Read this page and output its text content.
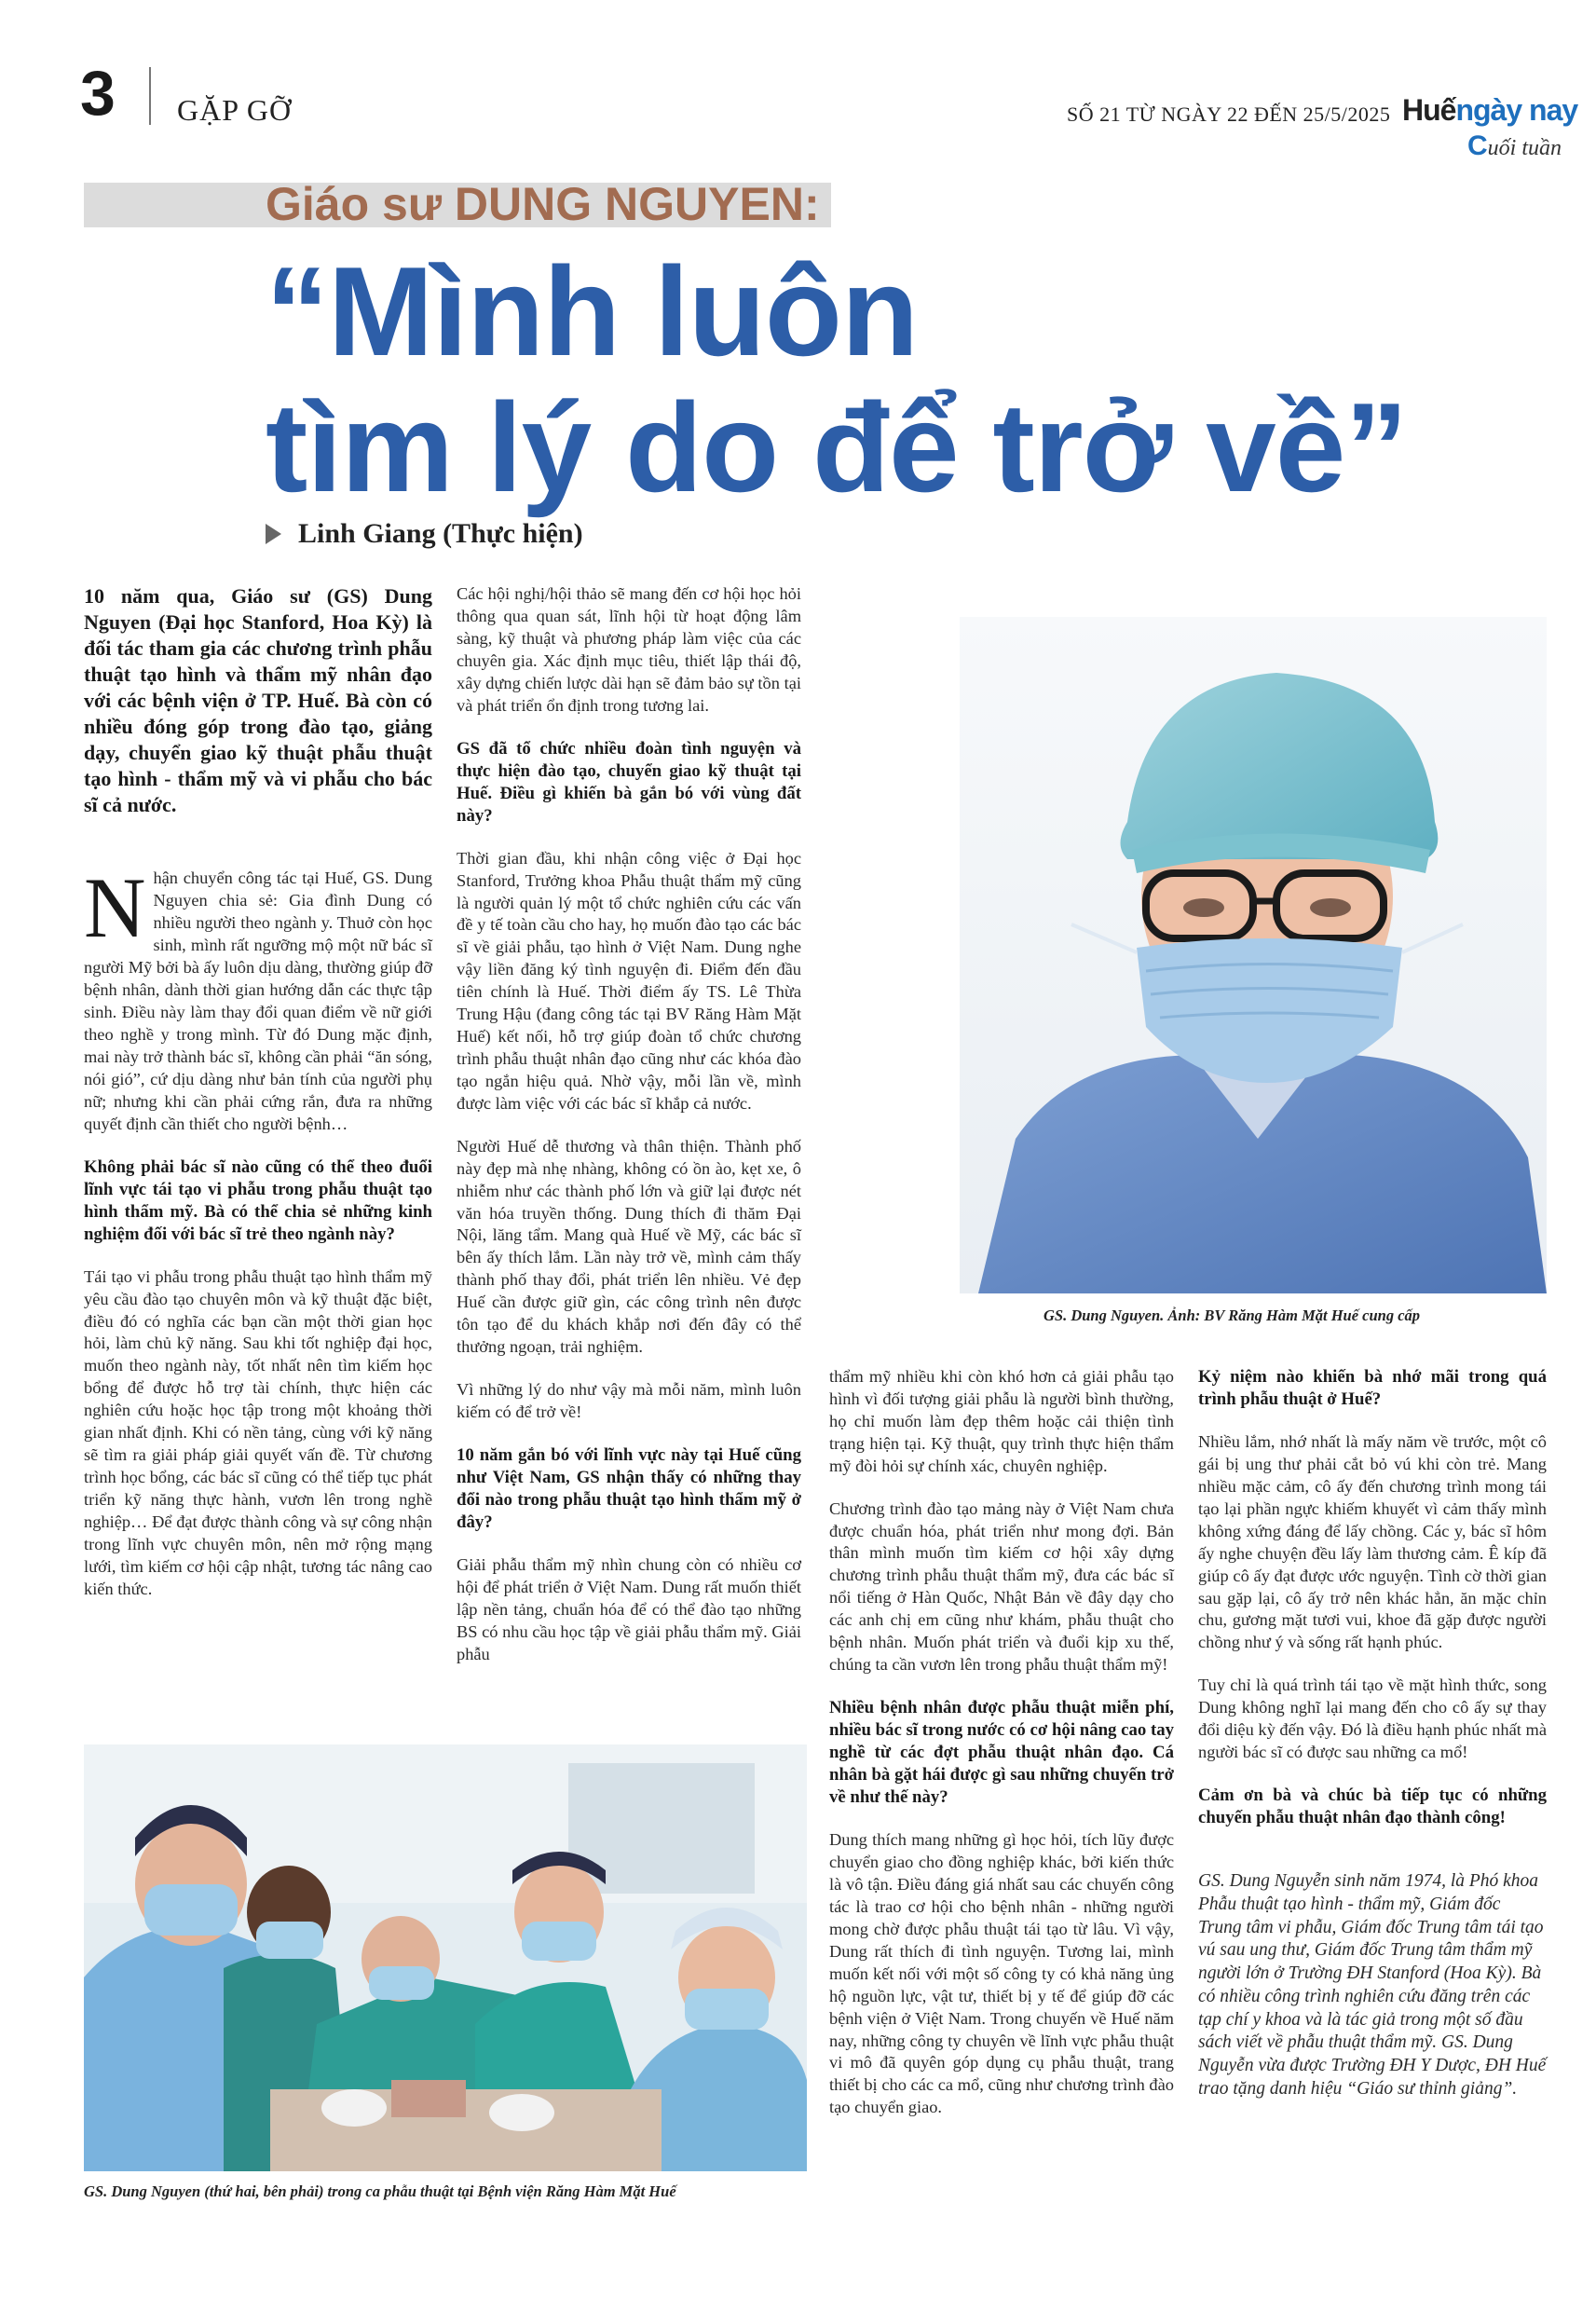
3 GẶP GỠ	SỐ 21 TỪ NGÀY 22 ĐẾN 25/5/2025 Huếngày nay
Cuối tuần
Giáo sư DUNG NGUYEN:
“Mình luôn
tìm lý do để trở về”
Linh Giang (Thực hiện)

10 năm qua, Giáo sư (GS) Dung Nguyen (Đại học Stanford, Hoa Kỳ) là đối tác tham gia các chương trình phẫu thuật tạo hình và thẩm mỹ nhân đạo với các bệnh viện ở TP. Huế. Bà còn có nhiều đóng góp trong đào tạo, giảng dạy, chuyển giao kỹ thuật phẫu thuật tạo hình - thẩm mỹ và vi phẫu cho bác sĩ cả nước.

Nhận chuyển công tác tại Huế, GS. Dung Nguyen chia sẻ: Gia đình Dung có nhiều người theo ngành y. Thuở còn học sinh, mình rất ngưỡng mộ một nữ bác sĩ người Mỹ bởi bà ấy luôn dịu dàng, thường giúp đỡ bệnh nhân, dành thời gian hướng dẫn các thực tập sinh. Điều này làm thay đổi quan điểm về nữ giới theo nghề y trong mình. Từ đó Dung mặc định, mai này trở thành bác sĩ, không cần phải “ăn sóng, nói gió”, cứ dịu dàng như bản tính của người phụ nữ; nhưng khi cần phải cứng rắn, đưa ra những quyết định cần thiết cho người bệnh…

Không phải bác sĩ nào cũng có thể theo đuổi lĩnh vực tái tạo vi phẫu trong phẫu thuật tạo hình thẩm mỹ. Bà có thể chia sẻ những kinh nghiệm đối với bác sĩ trẻ theo ngành này?

Tái tạo vi phẫu trong phẫu thuật tạo hình thẩm mỹ yêu cầu đào tạo chuyên môn và kỹ thuật đặc biệt, điều đó có nghĩa các bạn cần một thời gian học hỏi, làm chủ kỹ năng. Sau khi tốt nghiệp đại học, muốn theo ngành này, tốt nhất nên tìm kiếm học bổng để được hỗ trợ tài chính, thực hiện các nghiên cứu hoặc học tập trong một khoảng thời gian nhất định. Khi có nền tảng, cùng với kỹ năng sẽ tìm ra giải pháp giải quyết vấn đề. Từ chương trình học bổng, các bác sĩ cũng có thể tiếp tục phát triển kỹ năng thực hành, vươn lên trong nghề nghiệp… Để đạt được thành công và sự công nhận trong lĩnh vực chuyên môn, nên mở rộng mạng lưới, tìm kiếm cơ hội cập nhật, tương tác nâng cao kiến thức.

Các hội nghị/hội thảo sẽ mang đến cơ hội học hỏi thông qua quan sát, lĩnh hội từ hoạt động lâm sàng, kỹ thuật và phương pháp làm việc của các chuyên gia. Xác định mục tiêu, thiết lập thái độ, xây dựng chiến lược dài hạn sẽ đảm bảo sự tồn tại và phát triển ổn định trong tương lai.

GS đã tổ chức nhiều đoàn tình nguyện và thực hiện đào tạo, chuyển giao kỹ thuật tại Huế. Điều gì khiến bà gắn bó với vùng đất này?

Thời gian đầu, khi nhận công việc ở Đại học Stanford, Trưởng khoa Phẫu thuật thẩm mỹ cũng là người quản lý một tổ chức nghiên cứu các vấn đề y tế toàn cầu cho hay, họ muốn đào tạo các bác sĩ về giải phẫu, tạo hình ở Việt Nam. Dung nghe vậy liền đăng ký tình nguyện đi. Điểm đến đầu tiên chính là Huế. Thời điểm ấy TS. Lê Thừa Trung Hậu (đang công tác tại BV Răng Hàm Mặt Huế) kết nối, hỗ trợ giúp đoàn tổ chức chương trình phẫu thuật nhân đạo cũng như các khóa đào tạo ngắn hiệu quả. Nhờ vậy, mỗi lần về, mình được làm việc với các bác sĩ khắp cả nước.

Người Huế dễ thương và thân thiện. Thành phố này đẹp mà nhẹ nhàng, không có ồn ào, kẹt xe, ô nhiễm như các thành phố lớn và giữ lại được nét văn hóa truyền thống. Dung thích đi thăm Đại Nội, lăng tẩm. Mang quà Huế về Mỹ, các bác sĩ bên ấy thích lắm. Lần này trở về, mình cảm thấy thành phố thay đổi, phát triển lên nhiều. Vẻ đẹp Huế cần được giữ gìn, các công trình nên được tôn tạo để du khách khắp nơi đến đây có thể thưởng ngoạn, trải nghiệm.

Vì những lý do như vậy mà mỗi năm, mình luôn kiếm có để trở về!

10 năm gắn bó với lĩnh vực này tại Huế cũng như Việt Nam, GS nhận thấy có những thay đổi nào trong phẫu thuật tạo hình thẩm mỹ ở đây?

Giải phẫu thẩm mỹ nhìn chung còn có nhiều cơ hội để phát triển ở Việt Nam. Dung rất muốn thiết lập nền tảng, chuẩn hóa để có thể đào tạo những BS có nhu cầu học tập về giải phẫu thẩm mỹ. Giải phẫu

GS. Dung Nguyen. Ảnh: BV Răng Hàm Mặt Huế cung cấp

thẩm mỹ nhiều khi còn khó hơn cả giải phẫu tạo hình vì đối tượng giải phẫu là người bình thường, họ chỉ muốn làm đẹp thêm hoặc cải thiện tình trạng hiện tại. Kỹ thuật, quy trình thực hiện thẩm mỹ đòi hỏi sự chính xác, chuyên nghiệp.

Chương trình đào tạo mảng này ở Việt Nam chưa được chuẩn hóa, phát triển như mong đợi. Bản thân mình muốn tìm kiếm cơ hội xây dựng chương trình phẫu thuật thẩm mỹ, đưa các bác sĩ nổi tiếng ở Hàn Quốc, Nhật Bản về đây dạy cho các anh chị em cũng như khám, phẫu thuật cho bệnh nhân. Muốn phát triển và đuổi kịp xu thế, chúng ta cần vươn lên trong phẫu thuật thẩm mỹ!

Nhiều bệnh nhân được phẫu thuật miễn phí, nhiều bác sĩ trong nước có cơ hội nâng cao tay nghề từ các đợt phẫu thuật nhân đạo. Cá nhân bà gặt hái được gì sau những chuyến trở về như thế này?

Dung thích mang những gì học hỏi, tích lũy được chuyển giao cho đồng nghiệp khác, bởi kiến thức là vô tận. Điều đáng giá nhất sau các chuyến công tác là trao cơ hội cho bệnh nhân - những người mong chờ được phẫu thuật tái tạo từ lâu. Vì vậy, Dung rất thích đi tình nguyện. Tương lai, mình muốn kết nối với một số công ty có khả năng ủng hộ nguồn lực, vật tư, thiết bị y tế để giúp đỡ các bệnh viện ở Việt Nam. Trong chuyến về Huế năm nay, những công ty chuyên về lĩnh vực phẫu thuật vi mô đã quyên góp dụng cụ phẫu thuật, trang thiết bị cho các ca mổ, cũng như chương trình đào tạo chuyển giao.

Kỷ niệm nào khiến bà nhớ mãi trong quá trình phẫu thuật ở Huế?

Nhiều lắm, nhớ nhất là mấy năm về trước, một cô gái bị ung thư phải cắt bỏ vú khi còn trẻ. Mang nhiều mặc cảm, cô ấy đến chương trình mong tái tạo lại phần ngực khiếm khuyết vì cảm thấy mình không xứng đáng để lấy chồng. Các y, bác sĩ hôm ấy nghe chuyện đều lấy làm thương cảm. Ê kíp đã giúp cô ấy đạt được ước nguyện. Tình cờ thời gian sau gặp lại, cô ấy trở nên khác hẳn, ăn mặc chỉn chu, gương mặt tươi vui, khoe đã gặp được người chồng như ý và sống rất hạnh phúc.

Tuy chỉ là quá trình tái tạo về mặt hình thức, song Dung không nghĩ lại mang đến cho cô ấy sự thay đổi diệu kỳ đến vậy. Đó là điều hạnh phúc nhất mà người bác sĩ có được sau những ca mổ!

Cảm ơn bà và chúc bà tiếp tục có những chuyến phẫu thuật nhân đạo thành công!

GS. Dung Nguyễn sinh năm 1974, là Phó khoa Phẫu thuật tạo hình - thẩm mỹ, Giám đốc Trung tâm vi phẫu, Giám đốc Trung tâm tái tạo vú sau ung thư, Giám đốc Trung tâm thẩm mỹ người lớn ở Trường ĐH Stanford (Hoa Kỳ). Bà có nhiều công trình nghiên cứu đăng trên các tạp chí y khoa và là tác giả trong một số đầu sách viết về phẫu thuật thẩm mỹ. GS. Dung Nguyễn vừa được Trường ĐH Y Dược, ĐH Huế trao tặng danh hiệu “Giáo sư thỉnh giảng”.

GS. Dung Nguyen (thứ hai, bên phải) trong ca phẫu thuật tại Bệnh viện Răng Hàm Mặt Huế
